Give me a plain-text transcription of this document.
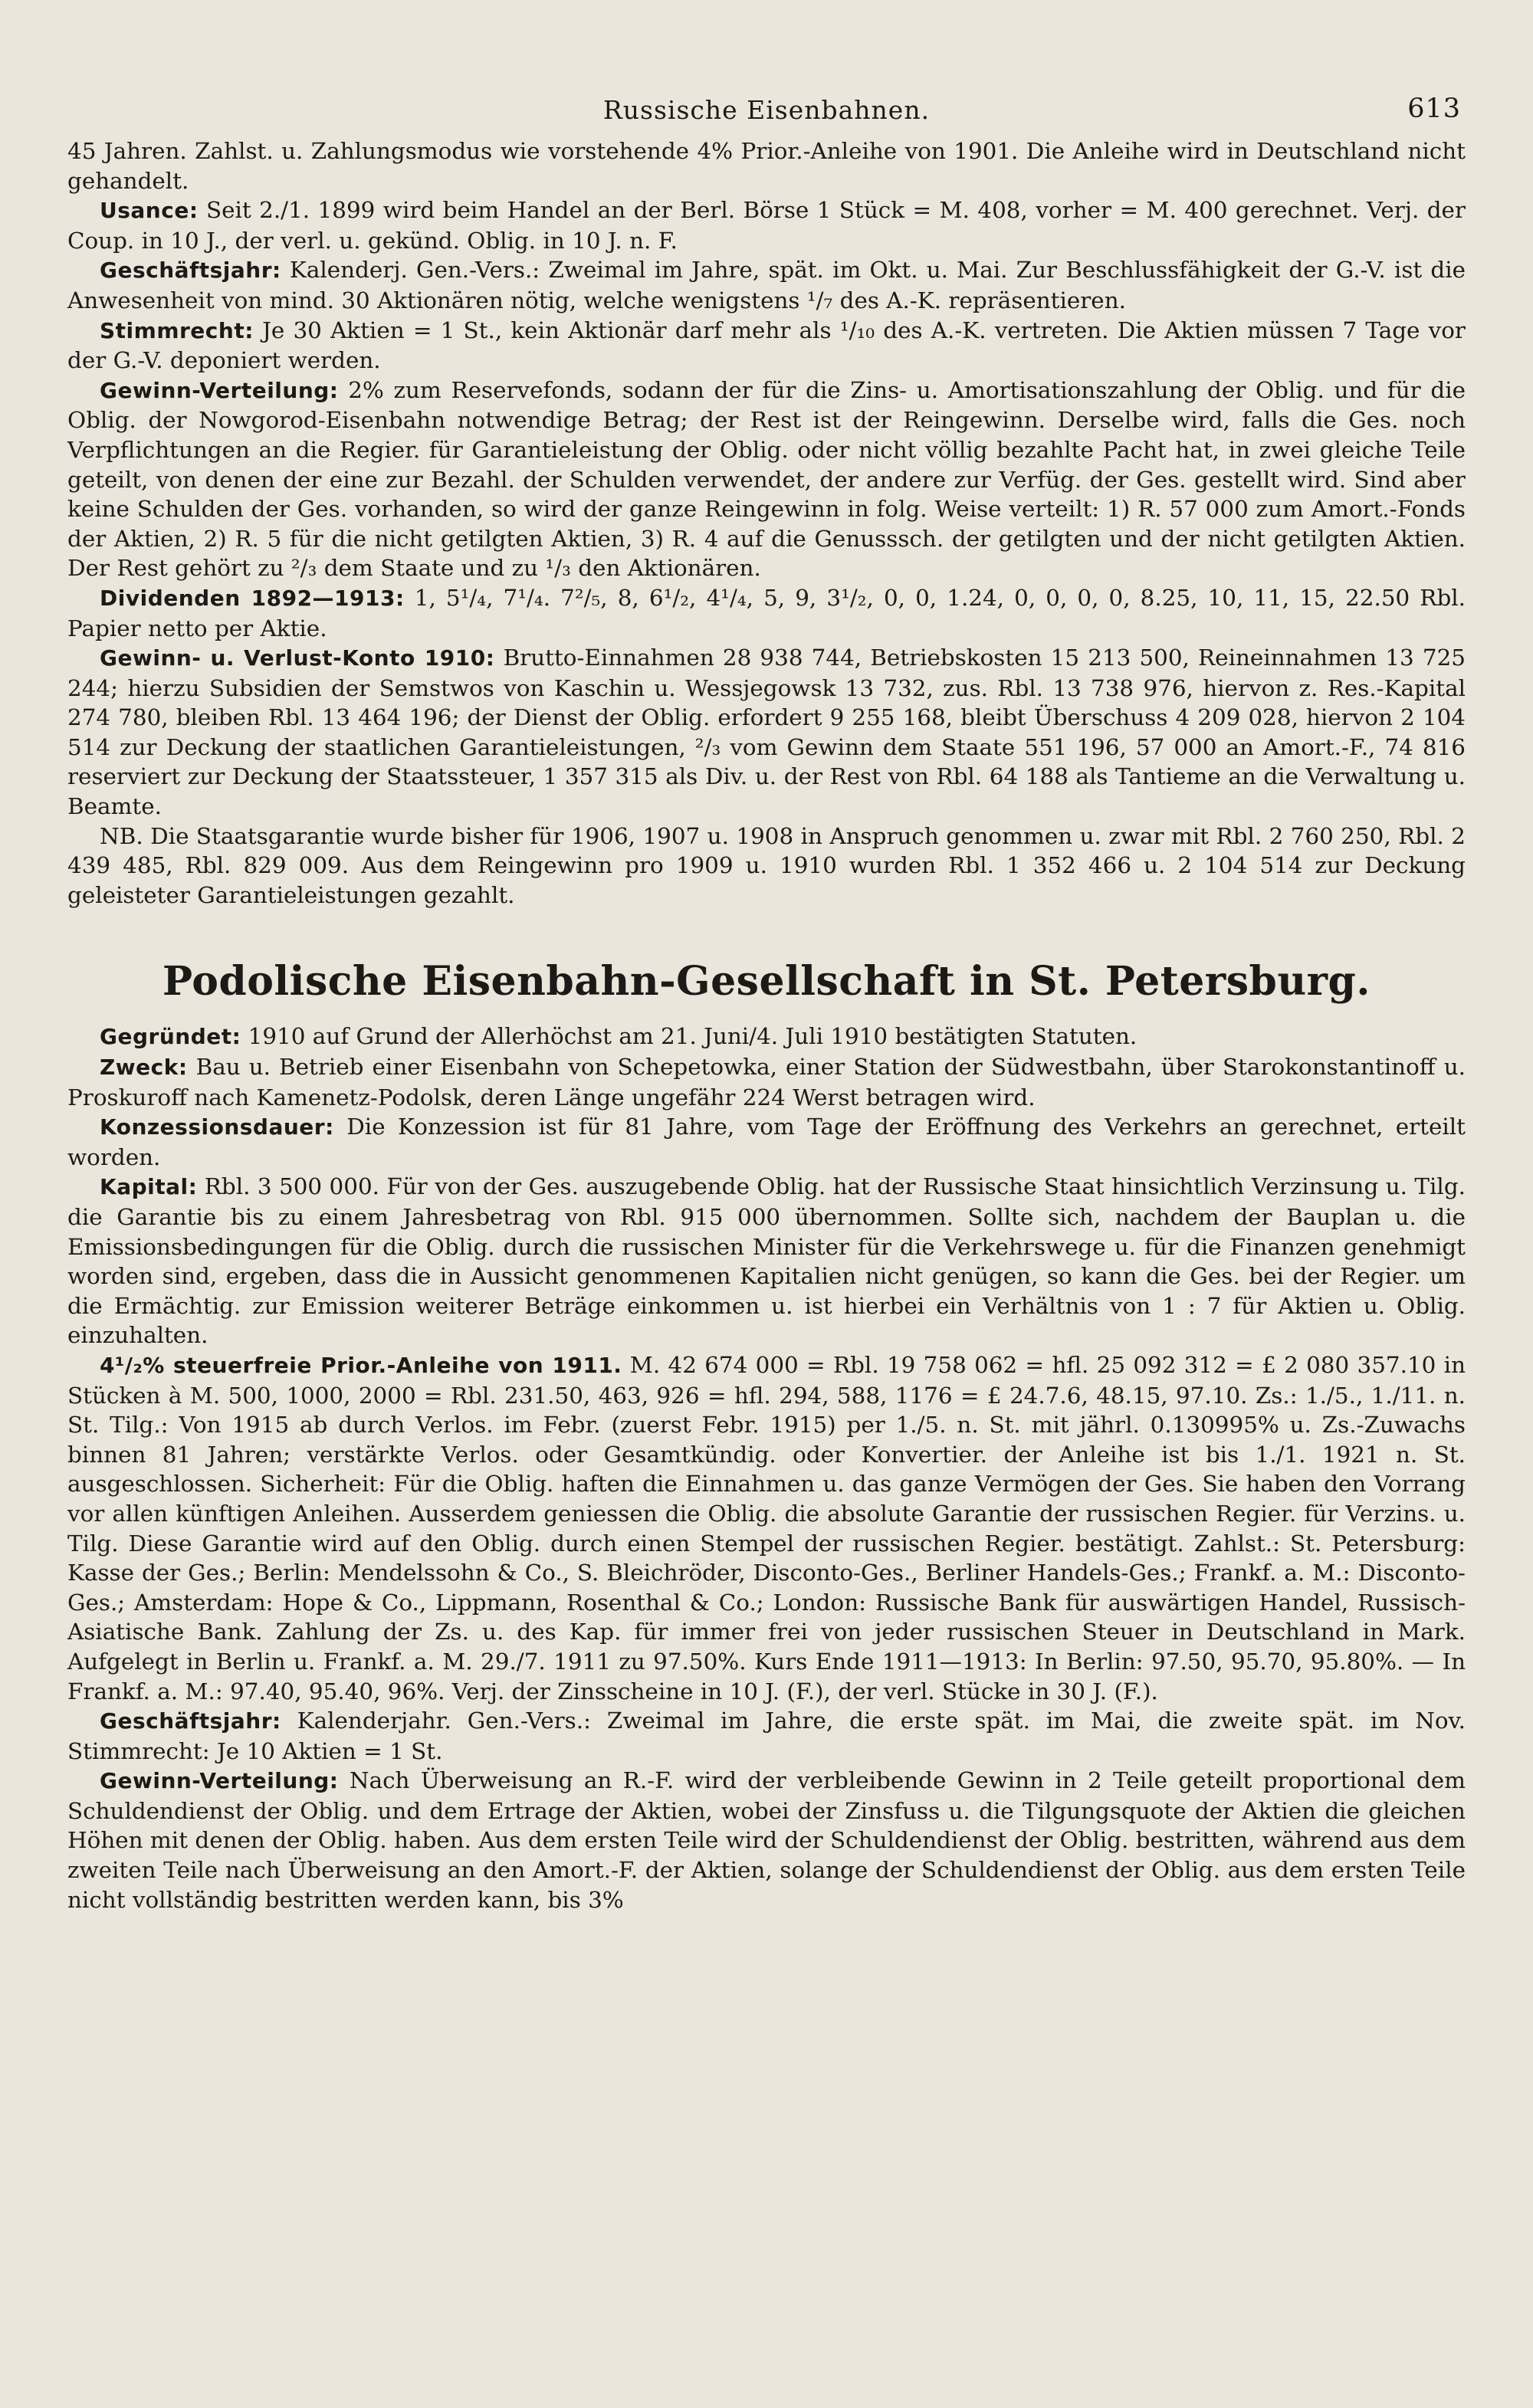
Russische Eisenbahnen.	613

45 Jahren. Zahlst. u. Zahlungsmodus wie vorstehende 4% Prior.-Anleihe von 1901. Die Anleihe wird in Deutschland nicht gehandelt.

Usance: Seit 2./1. 1899 wird beim Handel an der Berl. Börse 1 Stück = M. 408, vorher = M. 400 gerechnet. Verj. der Coup. in 10 J., der verl. u. gekünd. Oblig. in 10 J. n. F.

Geschäftsjahr: Kalenderj. Gen.-Vers.: Zweimal im Jahre, spät. im Okt. u. Mai. Zur Beschlussfähigkeit der G.-V. ist die Anwesenheit von mind. 30 Aktionären nötig, welche wenigstens ¹/₇ des A.-K. repräsentieren.

Stimmrecht: Je 30 Aktien = 1 St., kein Aktionär darf mehr als ¹/₁₀ des A.-K. vertreten. Die Aktien müssen 7 Tage vor der G.-V. deponiert werden.

Gewinn-Verteilung: 2% zum Reservefonds, sodann der für die Zins- u. Amortisationszahlung der Oblig. und für die Oblig. der Nowgorod-Eisenbahn notwendige Betrag; der Rest ist der Reingewinn. Derselbe wird, falls die Ges. noch Verpflichtungen an die Regier. für Garantieleistung der Oblig. oder nicht völlig bezahlte Pacht hat, in zwei gleiche Teile geteilt, von denen der eine zur Bezahl. der Schulden verwendet, der andere zur Verfüg. der Ges. gestellt wird. Sind aber keine Schulden der Ges. vorhanden, so wird der ganze Reingewinn in folg. Weise verteilt: 1) R. 57 000 zum Amort.-Fonds der Aktien, 2) R. 5 für die nicht getilgten Aktien, 3) R. 4 auf die Genusssch. der getilgten und der nicht getilgten Aktien. Der Rest gehört zu ²/₃ dem Staate und zu ¹/₃ den Aktionären.

Dividenden 1892—1913: 1, 5¹/₄, 7¹/₄. 7²/₅, 8, 6¹/₂, 4¹/₄, 5, 9, 3¹/₂, 0, 0, 1.24, 0, 0, 0, 0, 8.25, 10, 11, 15, 22.50 Rbl. Papier netto per Aktie.

Gewinn- u. Verlust-Konto 1910: Brutto-Einnahmen 28 938 744, Betriebskosten 15 213 500, Reineinnahmen 13 725 244; hierzu Subsidien der Semstwos von Kaschin u. Wessjegowsk 13 732, zus. Rbl. 13 738 976, hiervon z. Res.-Kapital 274 780, bleiben Rbl. 13 464 196; der Dienst der Oblig. erfordert 9 255 168, bleibt Überschuss 4 209 028, hiervon 2 104 514 zur Deckung der staatlichen Garantieleistungen, ²/₃ vom Gewinn dem Staate 551 196, 57 000 an Amort.-F., 74 816 reserviert zur Deckung der Staatssteuer, 1 357 315 als Div. u. der Rest von Rbl. 64 188 als Tantieme an die Verwaltung u. Beamte.

NB. Die Staatsgarantie wurde bisher für 1906, 1907 u. 1908 in Anspruch genommen u. zwar mit Rbl. 2 760 250, Rbl. 2 439 485, Rbl. 829 009. Aus dem Reingewinn pro 1909 u. 1910 wurden Rbl. 1 352 466 u. 2 104 514 zur Deckung geleisteter Garantieleistungen gezahlt.

Podolische Eisenbahn-Gesellschaft in St. Petersburg.

Gegründet: 1910 auf Grund der Allerhöchst am 21. Juni/4. Juli 1910 bestätigten Statuten.

Zweck: Bau u. Betrieb einer Eisenbahn von Schepetowka, einer Station der Südwestbahn, über Starokonstantinoff u. Proskuroff nach Kamenetz-Podolsk, deren Länge ungefähr 224 Werst betragen wird.

Konzessionsdauer: Die Konzession ist für 81 Jahre, vom Tage der Eröffnung des Verkehrs an gerechnet, erteilt worden.

Kapital: Rbl. 3 500 000. Für von der Ges. auszugebende Oblig. hat der Russische Staat hinsichtlich Verzinsung u. Tilg. die Garantie bis zu einem Jahresbetrag von Rbl. 915 000 übernommen. Sollte sich, nachdem der Bauplan u. die Emissionsbedingungen für die Oblig. durch die russischen Minister für die Verkehrswege u. für die Finanzen genehmigt worden sind, ergeben, dass die in Aussicht genommenen Kapitalien nicht genügen, so kann die Ges. bei der Regier. um die Ermächtig. zur Emission weiterer Beträge einkommen u. ist hierbei ein Verhältnis von 1 : 7 für Aktien u. Oblig. einzuhalten.

4¹/₂% steuerfreie Prior.-Anleihe von 1911. M. 42 674 000 = Rbl. 19 758 062 = hfl. 25 092 312 = £ 2 080 357.10 in Stücken à M. 500, 1000, 2000 = Rbl. 231.50, 463, 926 = hfl. 294, 588, 1176 = £ 24.7.6, 48.15, 97.10. Zs.: 1./5., 1./11. n. St. Tilg.: Von 1915 ab durch Verlos. im Febr. (zuerst Febr. 1915) per 1./5. n. St. mit jährl. 0.130995% u. Zs.-Zuwachs binnen 81 Jahren; verstärkte Verlos. oder Gesamtkündig. oder Konvertier. der Anleihe ist bis 1./1. 1921 n. St. ausgeschlossen. Sicherheit: Für die Oblig. haften die Einnahmen u. das ganze Vermögen der Ges. Sie haben den Vorrang vor allen künftigen Anleihen. Ausserdem geniessen die Oblig. die absolute Garantie der russischen Regier. für Verzins. u. Tilg. Diese Garantie wird auf den Oblig. durch einen Stempel der russischen Regier. bestätigt. Zahlst.: St. Petersburg: Kasse der Ges.; Berlin: Mendelssohn & Co., S. Bleichröder, Disconto-Ges., Berliner Handels-Ges.; Frankf. a. M.: Disconto-Ges.; Amsterdam: Hope & Co., Lippmann, Rosenthal & Co.; London: Russische Bank für auswärtigen Handel, Russisch-Asiatische Bank. Zahlung der Zs. u. des Kap. für immer frei von jeder russischen Steuer in Deutschland in Mark. Aufgelegt in Berlin u. Frankf. a. M. 29./7. 1911 zu 97.50%. Kurs Ende 1911—1913: In Berlin: 97.50, 95.70, 95.80%. — In Frankf. a. M.: 97.40, 95.40, 96%. Verj. der Zinsscheine in 10 J. (F.), der verl. Stücke in 30 J. (F.).

Geschäftsjahr: Kalenderjahr. Gen.-Vers.: Zweimal im Jahre, die erste spät. im Mai, die zweite spät. im Nov. Stimmrecht: Je 10 Aktien = 1 St.

Gewinn-Verteilung: Nach Überweisung an R.-F. wird der verbleibende Gewinn in 2 Teile geteilt proportional dem Schuldendienst der Oblig. und dem Ertrage der Aktien, wobei der Zinsfuss u. die Tilgungsquote der Aktien die gleichen Höhen mit denen der Oblig. haben. Aus dem ersten Teile wird der Schuldendienst der Oblig. bestritten, während aus dem zweiten Teile nach Überweisung an den Amort.-F. der Aktien, solange der Schuldendienst der Oblig. aus dem ersten Teile nicht vollständig bestritten werden kann, bis 3%
